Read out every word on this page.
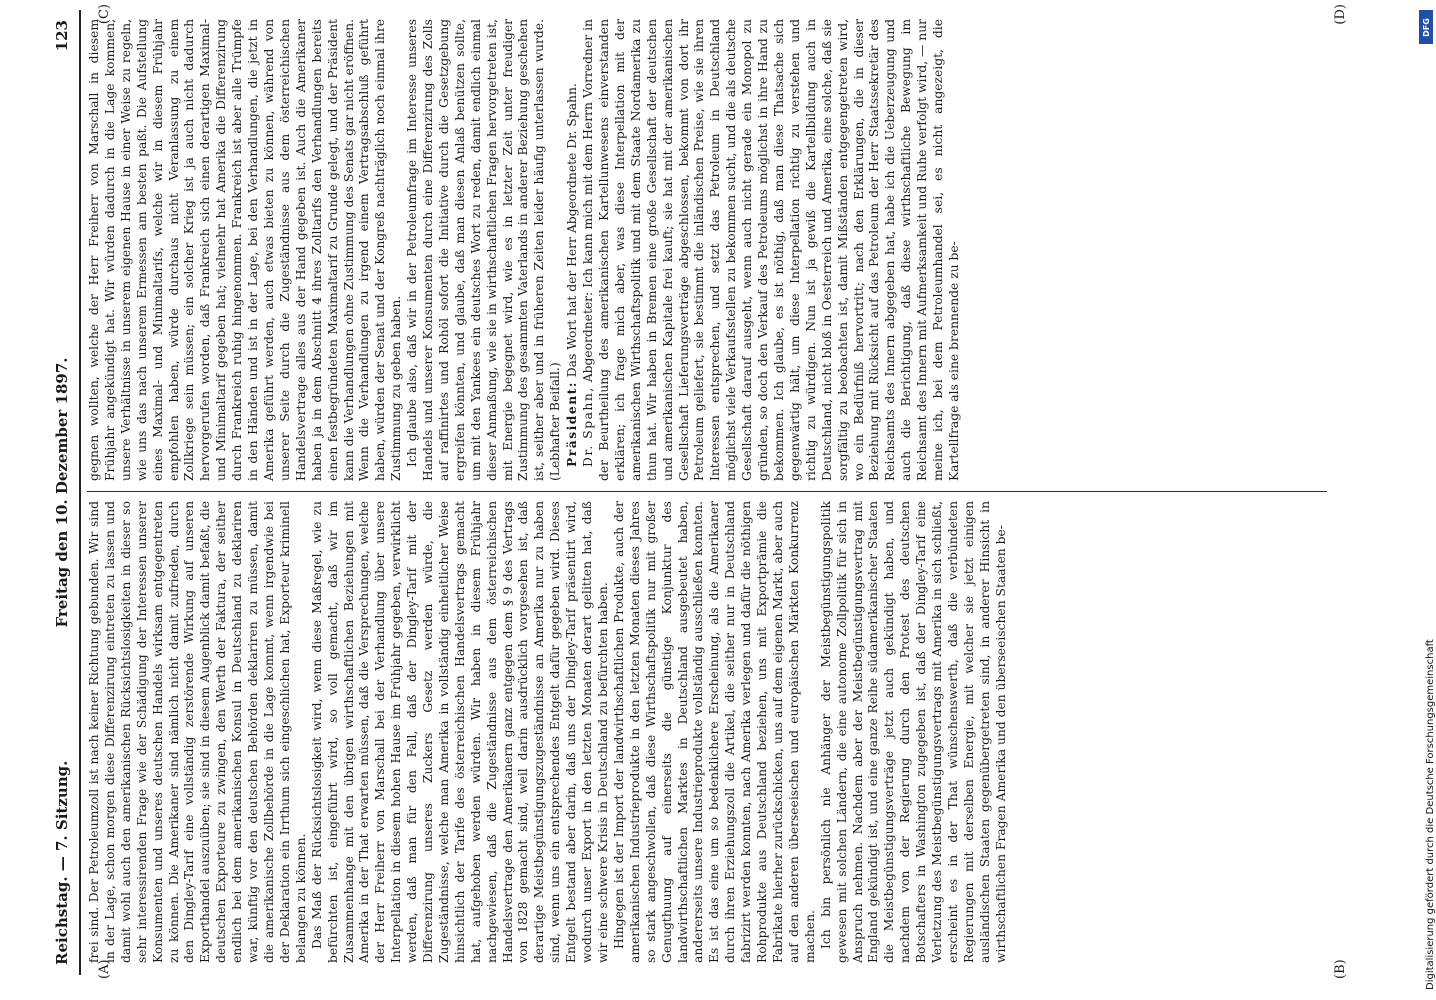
Reichstag. — 7. Sitzung.
Freitag den 10. Dezember 1897.
123
(A)	(B)
(C)	(D)

frei sind. Der Petroleumzoll ist nach keiner Richtung gebunden. Wir sind in der Lage, schon morgen diese Differenzirung eintreten zu lassen und damit wohl auch den amerikanischen Rücksichtslosigkeiten in dieser so sehr interessirenden Frage wie der Schädigung der Interessen unserer Konsumenten und unseres deutschen Handels wirksam entgegentreten zu können. Die Amerikaner sind nämlich nicht damit zufrieden, durch den Dingley-Tarif eine vollständig zerstörende Wirkung auf unseren Exporthandel auszuüben; sie sind in diesem Augenblick damit befaßt, die deutschen Exporteure zu zwingen, den Werth der Faktura, der seither endlich bei dem amerikanischen Konsul in Deutschland zu deklariren war, künftig vor den deutschen Behörden deklariren zu müssen, damit die amerikanische Zollbehörde in die Lage kommt, wenn irgendwie bei der Deklaration ein Irrthum sich eingeschlichen hat, Exporteur kriminell belangen zu können. Das Maß der Rücksichtslosigkeit wird, wenn diese Maßregel, wie zu befürchten ist, eingeführt wird, so voll gemacht, daß wir im Zusammenhange mit den übrigen wirthschaftlichen Beziehungen mit Amerika in der That erwarten müssen, daß die Versprechungen, welche der Herr Freiherr von Marschall bei der Verhandlung über unsere Interpellation in diesem hohen Hause im Frühjahr gegeben, verwirklicht werden, daß man für den Fall, daß der Dingley-Tarif mit der Differenzirung unseres Zuckers Gesetz werden würde, die Zugeständnisse, welche man Amerika in vollständig einheitlicher Weise hinsichtlich der Tarife des österreichischen Handelsvertrags gemacht hat, aufgehoben werden würden. Wir haben in diesem Frühjahr nachgewiesen, daß die Zugeständnisse aus dem österreichischen Handelsvertrage den Amerikanern ganz entgegen dem § 9 des Vertrags von 1828 gemacht sind, weil darin ausdrücklich vorgesehen ist, daß derartige Meistbegünstigungszugeständnisse an Amerika nur zu haben sind, wenn uns ein entsprechendes Entgelt dafür gegeben wird. Dieses Entgelt bestand aber darin, daß uns der Dingley-Tarif präsentirt wird, wodurch unser Export in den letzten Monaten derart gelitten hat, daß wir eine schwere Krisis in Deutschland zu befürchten haben. Hingegen ist der Import der landwirthschaftlichen Produkte, auch der amerikanischen Industrieprodukte in den letzten Monaten dieses Jahres so stark angeschwollen, daß diese Wirthschaftspolitik nur mit großer Genugthuung auf einerseits die günstige Konjunktur des landwirthschaftlichen Marktes in Deutschland ausgebeutet haben, andererseits unsere Industrieprodukte vollständig ausschließen konnten. Es ist das eine um so bedenklichere Erscheinung, als die Amerikaner durch ihren Erziehungszoll die Artikel, die seither nur in Deutschland fabrizirt werden konnten, nach Amerika verlegen und dafür die nöthigen Rohprodukte aus Deutschland beziehen, uns mit Exportprämie die Fabrikate hierher zurückschicken, uns auf dem eigenen Markt, aber auch auf den anderen überseeischen und europäischen Märkten Konkurrenz machen. Ich bin persönlich nie Anhänger der Meistbegünstigungspolitik gewesen mit solchen Ländern, die eine autonome Zollpolitik für sich in Anspruch nehmen. Nachdem aber der Meistbegünstigungsvertrag mit England gekündigt ist, und eine ganze Reihe südamerikanischer Staaten die Meistbegünstigungsverträge jetzt auch gekündigt haben, und nachdem von der Regierung durch den Protest des deutschen Botschafters in Washington zugegeben ist, daß der Dingley-Tarif eine Verletzung des Meistbegünstigungsvertrags mit Amerika in sich schließt, erscheint es in der That wünschenswerth, daß die verbündeten Regierungen mit derselben Energie, mit welcher sie jetzt einigen ausländischen Staaten gegenübergetreten sind, in anderer Hinsicht in wirthschaftlichen Fragen Amerika und den überseeischen Staaten be-

gegnen wollten, welche der Herr Freiherr von Marschall in diesem Frühjahr angekündigt hat. Wir würden dadurch in die Lage kommen, unsere Verhältnisse in unserem eigenen Hause in einer Weise zu regeln, wie uns das nach unserem Ermessen am besten paßt. Die Aufstellung eines Maximal- und Minimaltarifs, welche wir in diesem Frühjahr empfohlen haben, würde durchaus nicht Veranlassung zu einem Zollkriege sein müssen; ein solcher Krieg ist ja auch nicht dadurch hervorgerufen worden, daß Frankreich sich einen derartigen Maximal- und Minimaltarif gegeben hat; vielmehr hat Amerika die Differenzirung durch Frankreich ruhig hingenommen. Frankreich ist aber alle Trümpfe in den Händen und ist in der Lage, bei den Verhandlungen, die jetzt in Amerika geführt werden, auch etwas bieten zu können, während von unserer Seite durch die Zugeständnisse aus dem österreichischen Handelsvertrage alles aus der Hand gegeben ist. Auch die Amerikaner haben ja in dem Abschnitt 4 ihres Zolltarifs den Verhandlungen bereits einen festbegründeten Maximaltarif zu Grunde gelegt, und der Präsident kann die Verhandlungen ohne Zustimmung des Senats gar nicht eröffnen. Wenn die Verhandlungen zu irgend einem Vertragsabschluß geführt haben, würden der Senat und der Kongreß nachträglich noch einmal ihre Zustimmung zu geben haben. Ich glaube also, daß wir in der Petroleumfrage im Interesse unseres Handels und unserer Konsumenten durch eine Differenzirung des Zolls auf raffinirtes und Rohöl sofort die Initiative durch die Gesetzgebung ergreifen könnten, und glaube, daß man diesen Anlaß benützen sollte, um mit den Yankees ein deutsches Wort zu reden, damit endlich einmal dieser Anmaßung, wie sie in wirthschaftlichen Fragen hervorgetreten ist, mit Energie begegnet wird, wie es in letzter Zeit unter freudiger Zustimmung des gesammten Vaterlands in anderer Beziehung geschehen ist, seither aber und in früheren Zeiten leider häufig unterlassen wurde. (Lebhafter Beifall.) Präsident: Das Wort hat der Herr Abgeordnete Dr. Spahn.

Dr. Spahn, Abgeordneter: Ich kann mich mit dem Herrn Vorredner in der Beurtheilung des amerikanischen Kartellunwesens einverstanden erklären; ich frage mich aber, was diese Interpellation mit der amerikanischen Wirthschaftspolitik und mit dem Staate Nordamerika zu thun hat. Wir haben in Bremen eine große Gesellschaft der deutschen und amerikanischen Kapitale frei kauft; sie hat mit der amerikanischen Gesellschaft Lieferungsverträge abgeschlossen, bekommt von dort ihr Petroleum geliefert, sie bestimmt die inländischen Preise, wie sie ihren Interessen entsprechen, und setzt das Petroleum in Deutschland möglichst viele Verkaufsstellen zu bekommen sucht, und die als deutsche Gesellschaft darauf ausgeht, wenn auch nicht gerade ein Monopol zu gründen, so doch den Verkauf des Petroleums möglichst in ihre Hand zu bekommen. Ich glaube, es ist nöthig, daß man diese Thatsache sich gegenwärtig hält, um diese Interpellation richtig zu verstehen und richtig zu würdigen. Nun ist ja gewiß die Kartellbildung auch in Deutschland, nicht bloß in Oesterreich und Amerika, eine solche, daß sie sorgfältig zu beobachten ist, damit Mißständen entgegengetreten wird, wo ein Bedürfniß hervortritt; nach den Erklärungen, die in dieser Beziehung mit Rücksicht auf das Petroleum der Herr Staatssekretär des Reichsamts des Innern abgegeben hat, habe ich die Ueberzeugung und auch die Berichtigung, daß diese wirthschaftliche Bewegung im Reichsamt des Innern mit Aufmerksamkeit und Ruhe verfolgt wird, — nur meine ich, bei dem Petroleumhandel sei, es nicht angezeigt, die Kartellfrage als eine brennende zu be-

Digitalisierung gefördert durch die Deutsche Forschungsgemeinschaft
DFG
